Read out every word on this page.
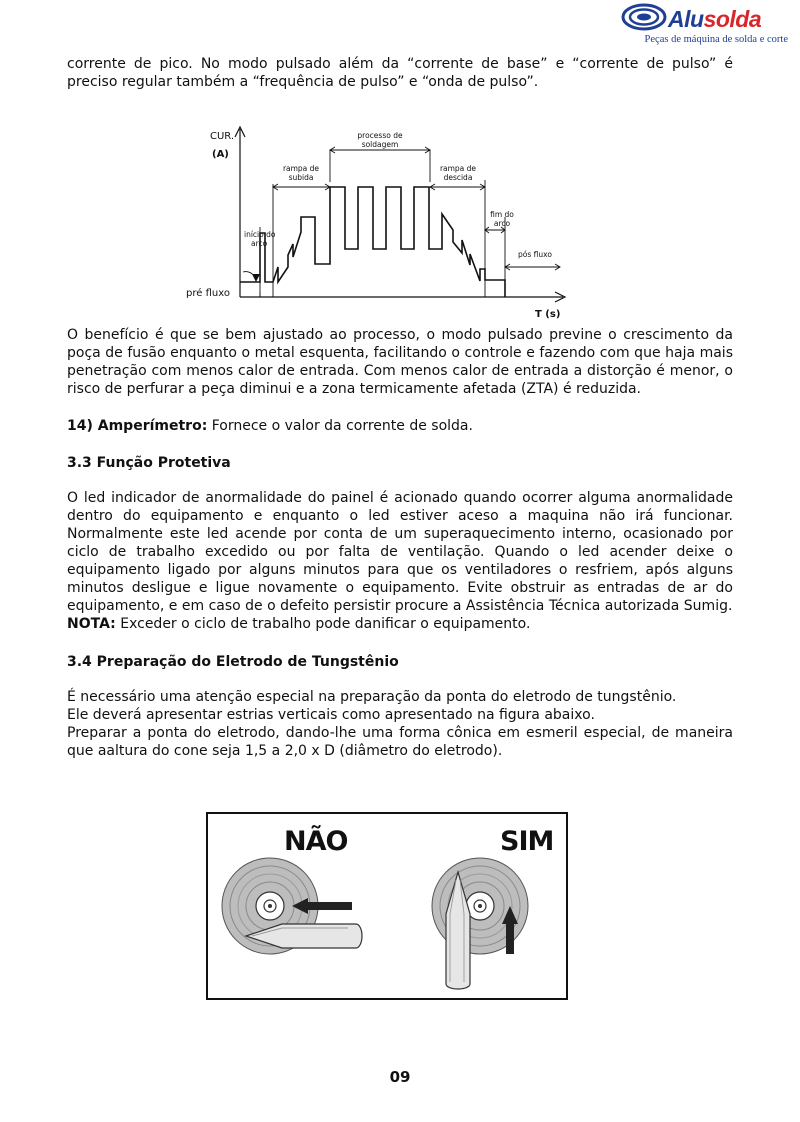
Alusolda
Peças de máquina de solda e corte

corrente de pico. No modo pulsado além da “corrente de base” e “corrente de pulso” é preciso regular também a “frequência de pulso” e “onda de pulso”.

CUR.
(A)
T (s)
pré fluxo
início do
arco
rampa de
subida
processo de
soldagem
rampa de
descida
fim do
arco
pós fluxo

O benefício é que se bem ajustado ao processo, o modo pulsado previne o crescimento da poça de fusão enquanto o metal esquenta, facilitando o controle e fazendo com que haja mais penetração com menos calor de entrada. Com menos calor de entrada a distorção é menor, o risco de perfurar a peça diminui e a zona termicamente afetada (ZTA) é reduzida.

14) Amperímetro: Fornece o valor da corrente de solda.

3.3 Função Protetiva

O led indicador de anormalidade do painel é acionado quando ocorrer alguma anormalidade dentro do equipamento e enquanto o led estiver aceso a maquina não irá funcionar. Normalmente este led acende por conta de um superaquecimento interno, ocasionado por ciclo de trabalho excedido ou por falta de ventilação. Quando o led acender deixe o equipamento ligado por alguns minutos para que os ventiladores o resfriem, após alguns minutos desligue e ligue novamente o equipamento. Evite obstruir as entradas de ar do equipamento, e em caso de o defeito persistir procure a Assistência Técnica autorizada Sumig.

NOTA: Exceder o ciclo de trabalho pode danificar o equipamento.

3.4 Preparação do Eletrodo de Tungstênio

É necessário uma atenção especial na preparação da ponta do eletrodo de tungstênio.

Ele deverá apresentar estrias verticais como apresentado na figura abaixo.

Preparar a ponta do eletrodo, dando-lhe uma forma cônica em esmeril especial, de maneira que aaltura do cone seja 1,5 a 2,0 x D (diâmetro do eletrodo).

NÃO	SIM
09
